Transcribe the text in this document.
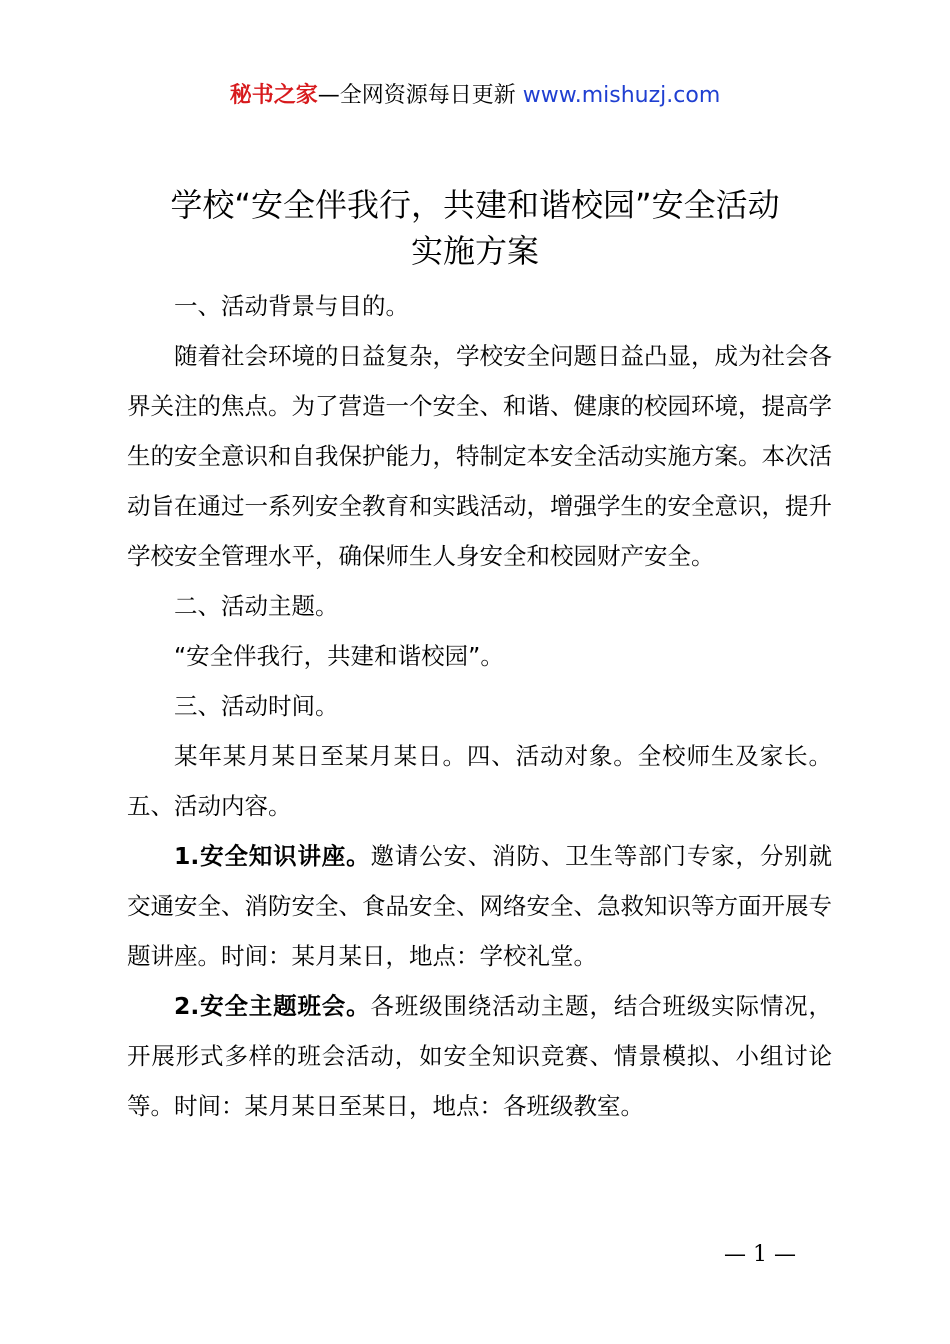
秘书之家—全网资源每日更新 www.mishuzj.com
学校“安全伴我行，共建和谐校园”安全活动
实施方案

一、活动背景与目的。

随着社会环境的日益复杂，学校安全问题日益凸显，成为社会各界关注的焦点。为了营造一个安全、和谐、健康的校园环境，提高学生的安全意识和自我保护能力，特制定本安全活动实施方案。本次活动旨在通过一系列安全教育和实践活动，增强学生的安全意识，提升学校安全管理水平，确保师生人身安全和校园财产安全。

二、活动主题。

“安全伴我行，共建和谐校园”。

三、活动时间。

某年某月某日至某月某日。四、活动对象。全校师生及家长。五、活动内容。

1.安全知识讲座。邀请公安、消防、卫生等部门专家，分别就交通安全、消防安全、食品安全、网络安全、急救知识等方面开展专题讲座。时间：某月某日，地点：学校礼堂。

2.安全主题班会。各班级围绕活动主题，结合班级实际情况，开展形式多样的班会活动，如安全知识竞赛、情景模拟、小组讨论等。时间：某月某日至某日，地点：各班级教室。

— 1 —
